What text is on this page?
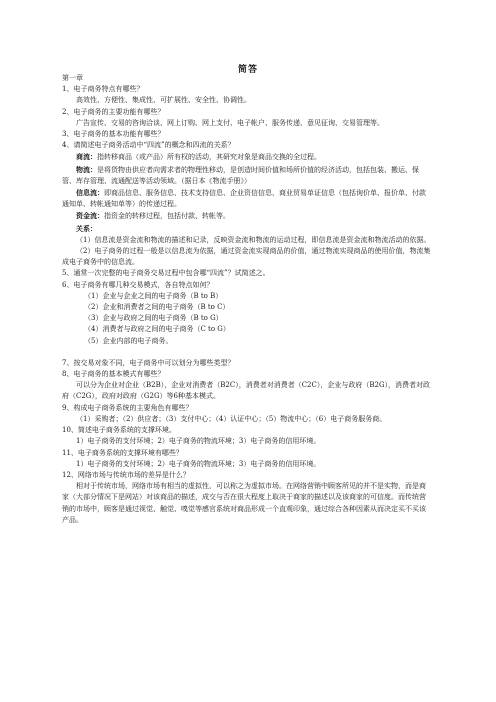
简答

第一章

1、电子商务特点有哪些？

高效性、方便性、集成性、可扩展性、安全性、协调性。

2、电子商务的主要功能有哪些？

广告宣传、交易的咨询洽谈、网上订购、网上支付、电子帐户、服务传递、意见征询、交易管理等。

3、电子商务的基本功能有哪些？

4、请简述电子商务活动中“四流”的概念和四流的关系？

商流：指转移商品（或产品）所有权的活动，其研究对象是商品交换的全过程。

物流：是将货物由供应者向需求者的物理性移动，是创造时间价值和场所价值的经济活动，包括包装、搬运、保管、库存管理、流通配送等活动领域。（据日本《物流手册》）

信息流：即商品信息、服务信息、技术支持信息、企业资信信息、商业贸易单证信息（包括询价单、报价单、付款通知单、转帐通知单等）的传递过程。

资金流：指资金的转移过程，包括付款、转帐等。

关系：

（1）信息流是资金流和物流的描述和记录，反映资金流和物流的运动过程，即信息流是资金流和物流活动的依据。

（2）电子商务的过程一般是以信息流为依据，通过资金流实现商品的价值，通过物流实现商品的使用价值，物流集成电子商务中的信息流。

5、通常一次完整的电子商务交易过程中包含哪“四流”？试简述之。

6、电子商务有哪几种交易模式，各自特点如何？

（1）企业与企业之间的电子商务（B to B）

（2）企业和消费者之间的电子商务（B to C）

（3）企业与政府之间的电子商务（B to G）

（4）消费者与政府之间的电子商务（C to G）

（5）企业内部的电子商务。

7、按交易对象不同，电子商务中可以划分为哪些类型？

8、电子商务的基本模式有哪些？

可以分为企业对企业（B2B），企业对消费者（B2C），消费者对消费者（C2C），企业与政府（B2G），消费者对政府（C2G），政府对政府（G2G）等6种基本模式。

9、构成电子商务系统的主要角色有哪些？

（1）采购者；（2）供应者；（3）支付中心；（4）认证中心；（5）物流中心；（6）电子商务服务商。

10、简述电子商务系统的支撑环境。

1）电子商务的支付环境；2）电子商务的物流环境；3）电子商务的信用环境。

11、电子商务系统的支撑环境有哪些？

1）电子商务的支付环境；2）电子商务的物流环境；3）电子商务的信用环境。

12、网络市场与传统市场的差异是什么？

相对于传统市场，网络市场有相当的虚拟性，可以称之为虚拟市场。在网络营销中顾客所见的并不是实物，而是商家（大部分情况下是网站）对该商品的描述，成交与否在很大程度上取决于商家的描述以及该商家的可信度。而传统营销的市场中，顾客是通过视觉、触觉、嗅觉等感官系统对商品形成一个直观印象，通过综合各种因素从而决定买不买该产品。
